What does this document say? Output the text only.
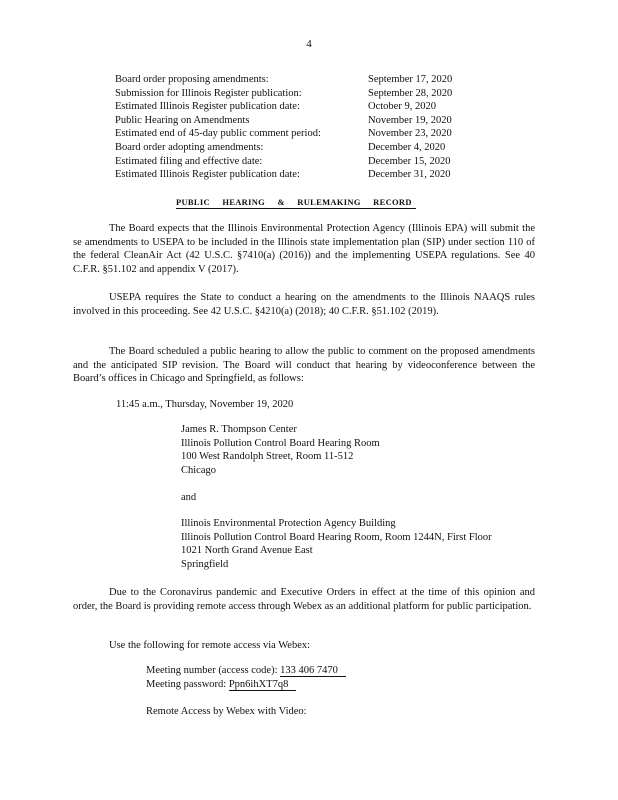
4
Board order proposing amendments:	September 17, 2020
Submission for Illinois Register publication:	September 28, 2020
Estimated Illinois Register publication date:	October 9, 2020
Public Hearing on Amendments	November 19, 2020
Estimated end of 45-day public comment period:	November 23, 2020
Board order adopting amendments:	December 4, 2020
Estimated filing and effective date:	December 15, 2020
Estimated Illinois Register publication date:	December 31, 2020
PUBLIC HEARING & RULEMAKING RECORD
The Board expects that the Illinois Environmental Protection Agency (Illinois EPA) will submit the se amendments to USEPA to be included in the Illinois state implementation plan (SIP) under section 110 of the federal CleanAir Act (42 U.S.C. §7410(a) (2016)) and the implementing USEPA regulations. See 40 C.F.R. §51.102 and appendix V (2017).
USEPA requires the State to conduct a hearing on the amendments to the Illinois NAAQS rules involved in this proceeding. See 42 U.S.C. §4210(a) (2018); 40 C.F.R. §51.102 (2019).
The Board scheduled a public hearing to allow the public to comment on the proposed amendments and the anticipated SIP revision. The Board will conduct that hearing by videoconference between the Board’s offices in Chicago and Springfield, as follows:
11:45 a.m., Thursday, November 19, 2020
James R. Thompson Center
Illinois Pollution Control Board Hearing Room
100 West Randolph Street, Room 11-512
Chicago
and
Illinois Environmental Protection Agency Building
Illinois Pollution Control Board Hearing Room, Room 1244N, First Floor
1021 North Grand Avenue East
Springfield
Due to the Coronavirus pandemic and Executive Orders in effect at the time of this opinion and order, the Board is providing remote access through Webex as an additional platform for public participation.
Use the following for remote access via Webex:
Meeting number (access code): 133 406 7470
Meeting password: Ppn6ihXT7q8
Remote Access by Webex with Video:
